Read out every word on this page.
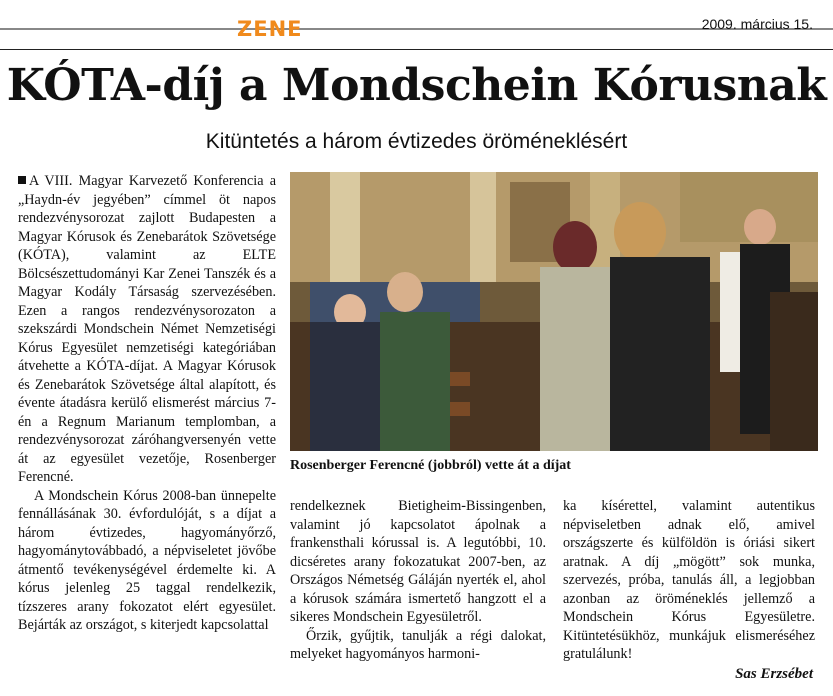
ZENE	2009. március 15.
KÓTA-díj a Mondschein Kórusnak
Kitüntetés a három évtizedes öröméneklésért

A VIII. Magyar Karvezető Konferencia a „Haydn-év jegyében” címmel öt napos rendezvénysorozat zajlott Budapesten a Magyar Kórusok és Zenebarátok Szövetsége (KÓTA), valamint az ELTE Bölcsészettudományi Kar Zenei Tanszék és a Magyar Kodály Társaság szervezésében. Ezen a rangos rendezvénysorozaton a szekszárdi Mondschein Német Nemzetiségi Kórus Egyesület nemzetiségi kategóriában átvehette a KÓTA-díjat. A Magyar Kórusok és Zenebarátok Szövetsége által alapított, és évente átadásra kerülő elismerést március 7-én a Regnum Marianum templomban, a rendezvénysorozat záróhangversenyén vette át az egyesület vezetője, Rosenberger Ferencné.

A Mondschein Kórus 2008-ban ünnepelte fennállásának 30. évfordulóját, s a díjat a három évtizedes, hagyományőrző, hagyománytovábbadó, a népviseletet jövőbe átmentő tevékenységével érdemelte ki. A kórus jelenleg 25 taggal rendelkezik, tízszeres arany fokozatot elért egyesület. Bejárták az országot, s kiterjedt kapcsolattal

Rosenberger Ferencné (jobbról) vette át a díjat

rendelkeznek Bietigheim-Bissingenben, valamint jó kapcsolatot ápolnak a frankensthali kórussal is. A legutóbbi, 10. dicséretes arany fokozatukat 2007-ben, az Országos Németség Gáláján nyerték el, ahol a kórusok számára ismertető hangzott el a sikeres Mondschein Egyesületről.

Őrzik, gyűjtik, tanulják a régi dalokat, melyeket hagyományos harmoni-

ka kísérettel, valamint autentikus népviseletben adnak elő, amivel országszerte és külföldön is óriási sikert aratnak. A díj „mögött” sok munka, szervezés, próba, tanulás áll, a legjobban azonban az öröméneklés jellemző a Mondschein Kórus Egyesületre. Kitüntetésükhöz, munkájuk elismeréséhez gratulálunk!

Sas Erzsébet
